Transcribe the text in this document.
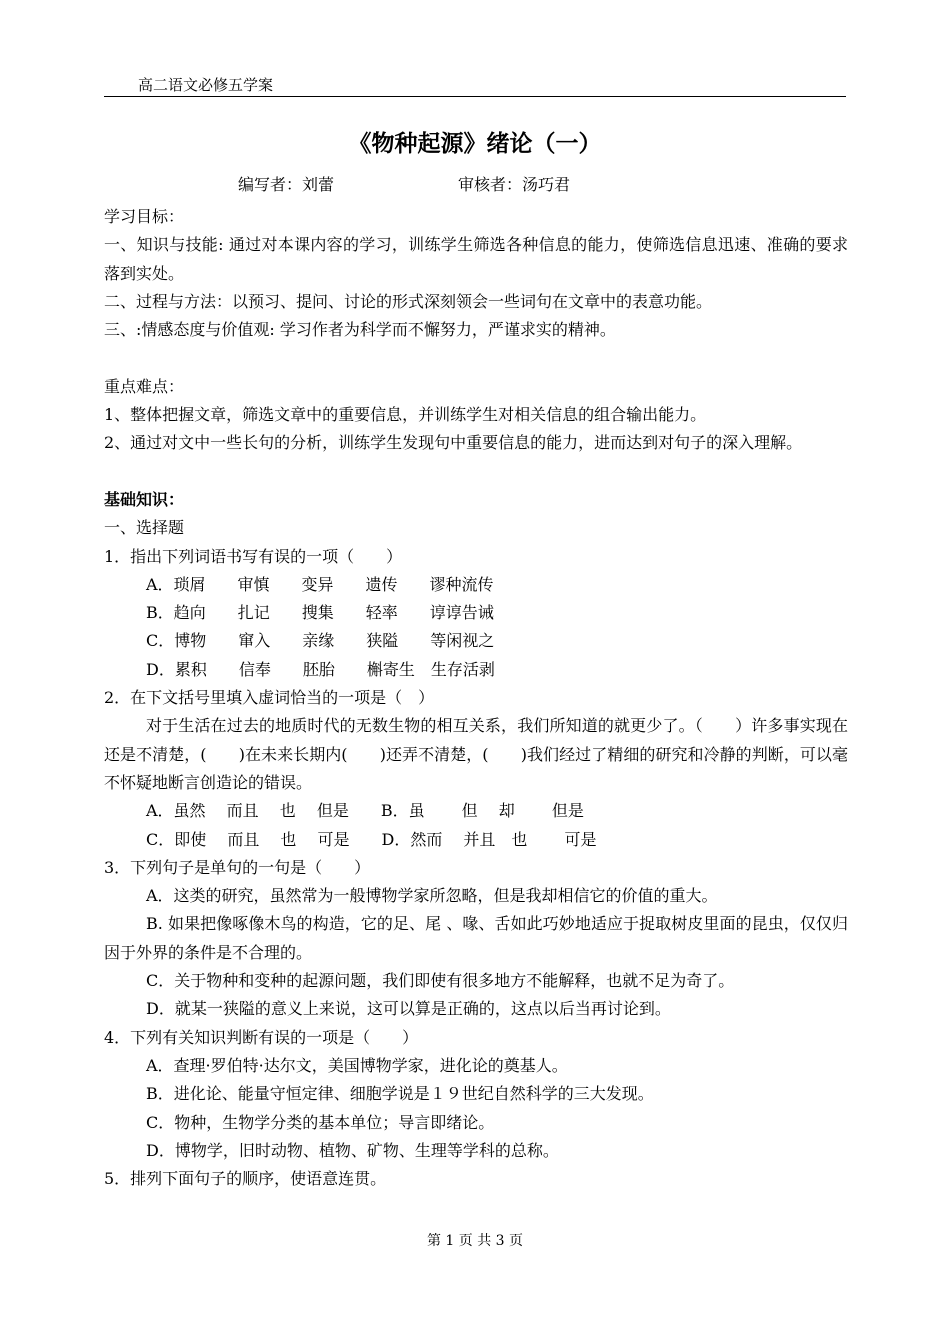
高二语文必修五学案
《物种起源》绪论（一）
编写者：刘蕾	审核者：汤巧君

学习目标：

一、知识与技能: 通过对本课内容的学习，训练学生筛选各种信息的能力，使筛选信息迅速、准确的要求落到实处。

二、过程与方法：以预习、提问、讨论的形式深刻领会一些词句在文章中的表意功能。

三、:情感态度与价值观: 学习作者为科学而不懈努力，严谨求实的精神。

重点难点：

1、整体把握文章，筛选文章中的重要信息，并训练学生对相关信息的组合输出能力。

2、通过对文中一些长句的分析，训练学生发现句中重要信息的能力，进而达到对句子的深入理解。

基础知识：

一、选择题

1．指出下列词语书写有误的一项（　　）

A．琐屑　　审慎　　变异　　遗传　　谬种流传

B．趋向　　扎记　　搜集　　轻率　　谆谆告诫

C．博物　　窜入　　亲缘　　狭隘　　等闲视之

D．累积　　信奉　　胚胎　　槲寄生　生存活剥

2．在下文括号里填入虚词恰当的一项是（　）

对于生活在过去的地质时代的无数生物的相互关系，我们所知道的就更少了。（　　）许多事实现在还是不清楚，(　　)在未来长期内(　　)还弄不清楚，(　　)我们经过了精细的研究和冷静的判断，可以毫不怀疑地断言创造论的错误。

A．虽然　 而且　 也　 但是　　B．虽　　 但　 却　　 但是

C．即使　 而且　 也　 可是　　D．然而　 并且　也　　 可是

3．下列句子是单句的一句是（　　）

A．这类的研究，虽然常为一般博物学家所忽略，但是我却相信它的价值的重大。

B. 如果把像啄像木鸟的构造，它的足、尾 、喙、舌如此巧妙地适应于捉取树皮里面的昆虫，仅仅归因于外界的条件是不合理的。

C．关于物种和变种的起源问题，我们即使有很多地方不能解释，也就不足为奇了。

D．就某一狭隘的意义上来说，这可以算是正确的，这点以后当再讨论到。

4．下列有关知识判断有误的一项是（　　）

A．查理·罗伯特·达尔文，美国博物学家，进化论的奠基人。

B．进化论、能量守恒定律、细胞学说是１９世纪自然科学的三大发现。

C．物种，生物学分类的基本单位；导言即绪论。

D．博物学，旧时动物、植物、矿物、生理等学科的总称。

5．排列下面句子的顺序，使语意连贯。

第 1 页 共 3 页
